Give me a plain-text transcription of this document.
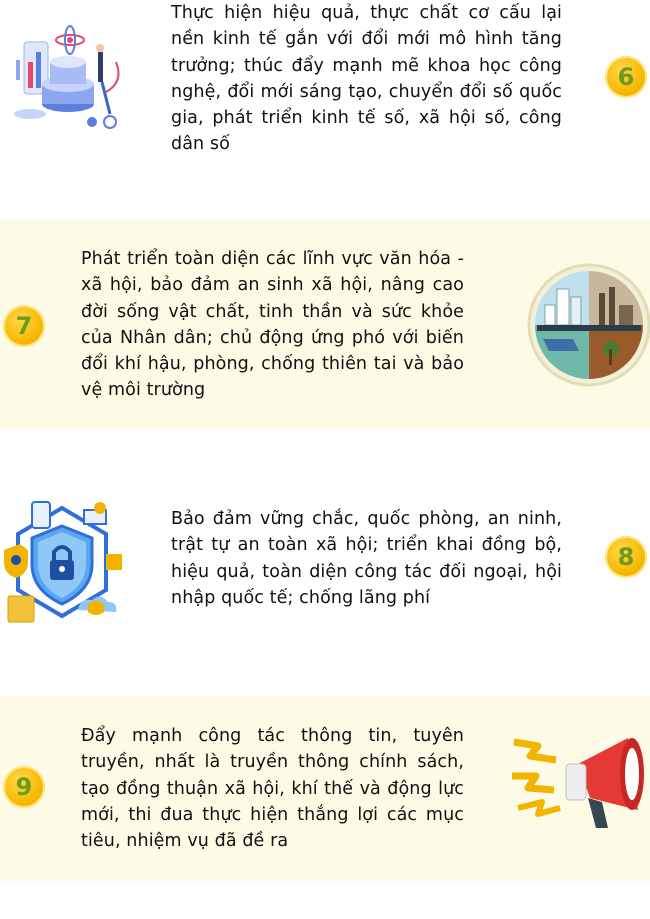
Thực hiện hiệu quả, thực chất cơ cấu lại nền kinh tế gắn với đổi mới mô hình tăng trưởng; thúc đẩy mạnh mẽ khoa học công nghệ, đổi mới sáng tạo, chuyển đổi số quốc gia, phát triển kinh tế số, xã hội số, công dân số
6
7
Phát triển toàn diện các lĩnh vực văn hóa - xã hội, bảo đảm an sinh xã hội, nâng cao đời sống vật chất, tinh thần và sức khỏe của Nhân dân; chủ động ứng phó với biến đổi khí hậu, phòng, chống thiên tai và bảo vệ môi trường
Bảo đảm vững chắc, quốc phòng, an ninh, trật tự an toàn xã hội; triển khai đồng bộ, hiệu quả, toàn diện công tác đối ngoại, hội nhập quốc tế; chống lãng phí
8
9
Đẩy mạnh công tác thông tin, tuyên truyền, nhất là truyền thông chính sách, tạo đồng thuận xã hội, khí thế và động lực mới, thi đua thực hiện thắng lợi các mục tiêu, nhiệm vụ đã đề ra
